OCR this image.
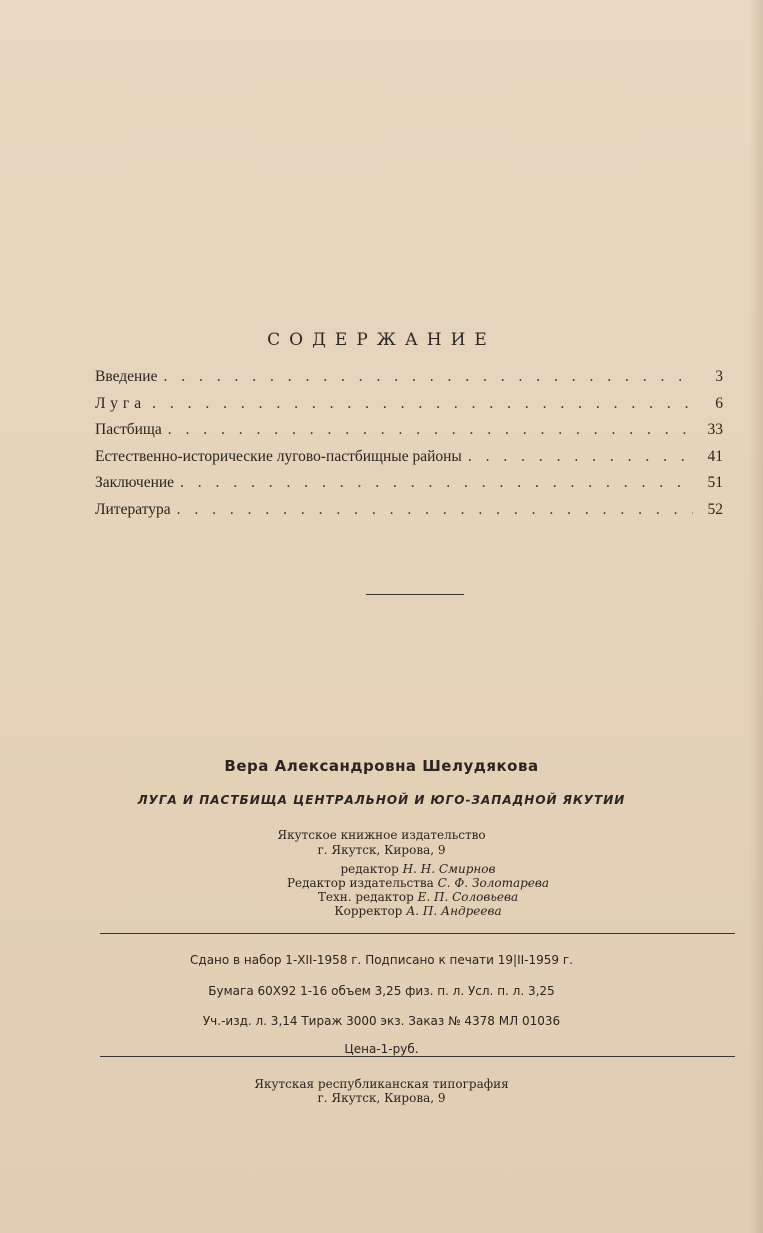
СОДЕРЖАНИЕ
Введение . . .	3
Луга . . .	6
Пастбища . . .	33
Естественно-исторические лугово-пастбищные районы . . .	41
Заключение . . .	51
Литература . . .	52
Вера Александровна Шелудякова
ЛУГА И ПАСТБИЩА ЦЕНТРАЛЬНОЙ И ЮГО-ЗАПАДНОЙ ЯКУТИИ
Якутское книжное издательство
г. Якутск, Кирова, 9
редактор Н. Н. Смирнов
Редактор издательства С. Ф. Золотарева
Техн. редактор Е. П. Соловьева
Корректор А. П. Андреева
Сдано в набор 1-XII-1958 г. Подписано к печати 19|II-1959 г.
Бумага 60Х92 1-16 объем 3,25 физ. п. л. Усл. п. л. 3,25
Уч.-изд. л. 3,14 Тираж 3000 экз. Заказ № 4378 МЛ 01036
Цена-1-руб.
Якутская республиканская типография
г. Якутск, Кирова, 9
